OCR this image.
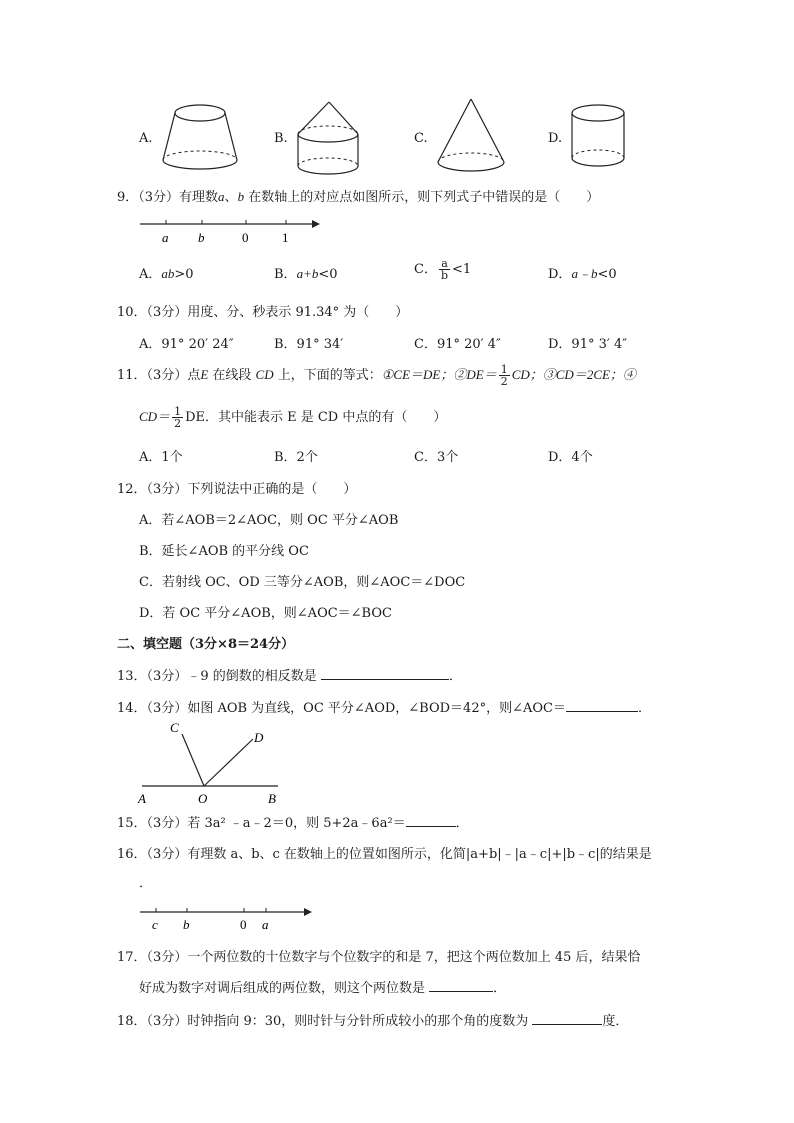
A.	B.	C.	D.
9．（3分）有理数a、b 在数轴上的对应点如图所示，则下列式子中错误的是（　　）
a b	0	1
A．ab>0	B．a+b<0	C． $\frac{a}{b} <1$	D．a﹣b<0
10．（3分）用度、分、秒表示 91.34° 为（　　）
A．91° 20′ 24″	B．91° 34′	C．91° 20′ 4″	D．91° 3′ 4″
11．（3分）点E 在线段 CD 上，下面的等式：①CE＝DE；②DE＝ $\frac{1}{2}$ CD；③CD＝2CE；④
$CD= \frac{1}{2}$ DE．其中能表示 E 是 CD 中点的有（　　）
A．1个	B．2个	C．3个	D．4个
12．（3分）下列说法中正确的是（　　）
A．若∠AOB＝2∠AOC，则 OC 平分∠AOB
B．延长∠AOB 的平分线 OC
C．若射线 OC、OD 三等分∠AOB，则∠AOC＝∠DOC
D．若 OC 平分∠AOB，则∠AOC＝∠BOC
二、填空题（3分×8＝24分）
13．（3分）﹣9 的倒数的相反数是	．
14．（3分）如图 AOB 为直线，OC 平分∠AOD，∠BOD＝42°，则∠AOC＝	．
C
D
A	O	B
15．（3分）若 3a² ﹣a﹣2＝0，则 5+2a﹣6a²＝	．
16．（3分）有理数 a、b、c 在数轴上的位置如图所示，化简|a+b|﹣|a﹣c|+|b﹣c|的结果是
．
c b	0 a
17．（3分）一个两位数的十位数字与个位数字的和是 7，把这个两位数加上 45 后，结果恰
好成为数字对调后组成的两位数，则这个两位数是	．
18．（3分）时钟指向 9：30，则时针与分针所成较小的那个角的度数为	度．
